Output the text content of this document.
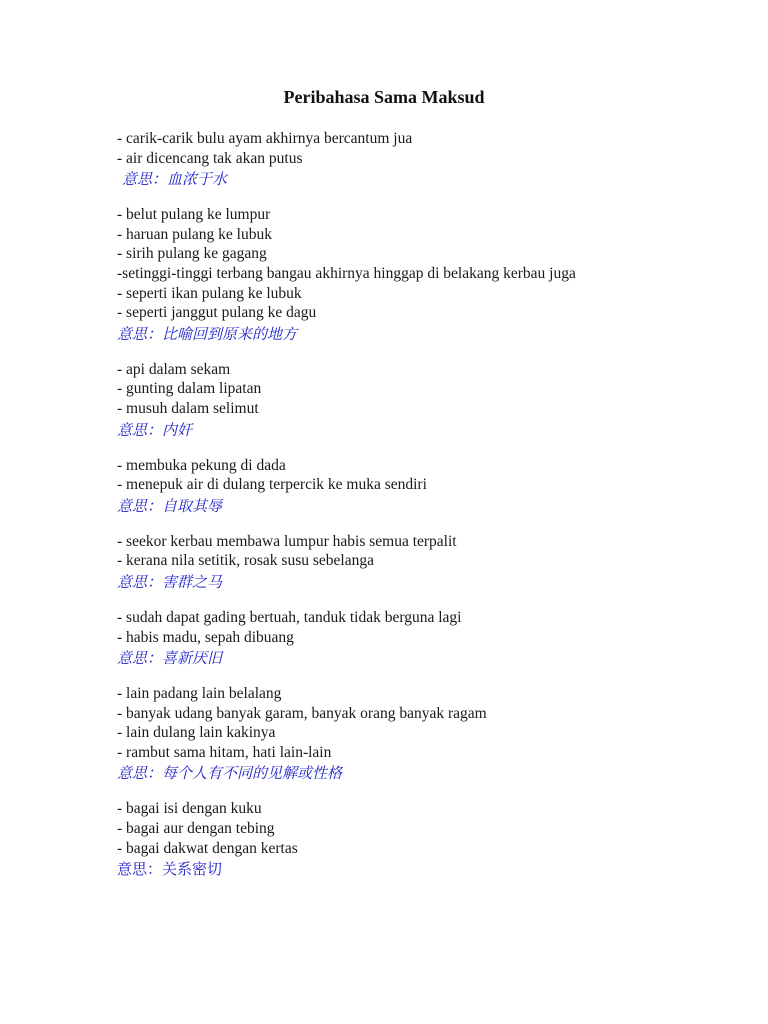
Peribahasa Sama Maksud
- carik-carik bulu ayam akhirnya bercantum jua
- air dicencang tak akan putus
意思：血浓于水
- belut pulang ke lumpur
- haruan pulang ke lubuk
- sirih pulang ke gagang
-setinggi-tinggi terbang bangau akhirnya hinggap di belakang kerbau juga
- seperti ikan pulang ke lubuk
- seperti janggut pulang ke dagu
意思：比喻回到原来的地方
- api dalam sekam
- gunting dalam lipatan
- musuh dalam selimut
意思：内奸
- membuka pekung di dada
- menepuk air di dulang terpercik ke muka sendiri
意思：自取其辱
- seekor kerbau membawa lumpur habis semua terpalit
- kerana nila setitik, rosak susu sebelanga
意思：害群之马
- sudah dapat gading bertuah, tanduk tidak berguna lagi
- habis madu, sepah dibuang
意思：喜新厌旧
- lain padang lain belalang
- banyak udang banyak garam, banyak orang banyak ragam
- lain dulang lain kakinya
- rambut sama hitam, hati lain-lain
意思：每个人有不同的见解或性格
- bagai isi dengan kuku
- bagai aur dengan tebing
- bagai dakwat dengan kertas
意思：关系密切
